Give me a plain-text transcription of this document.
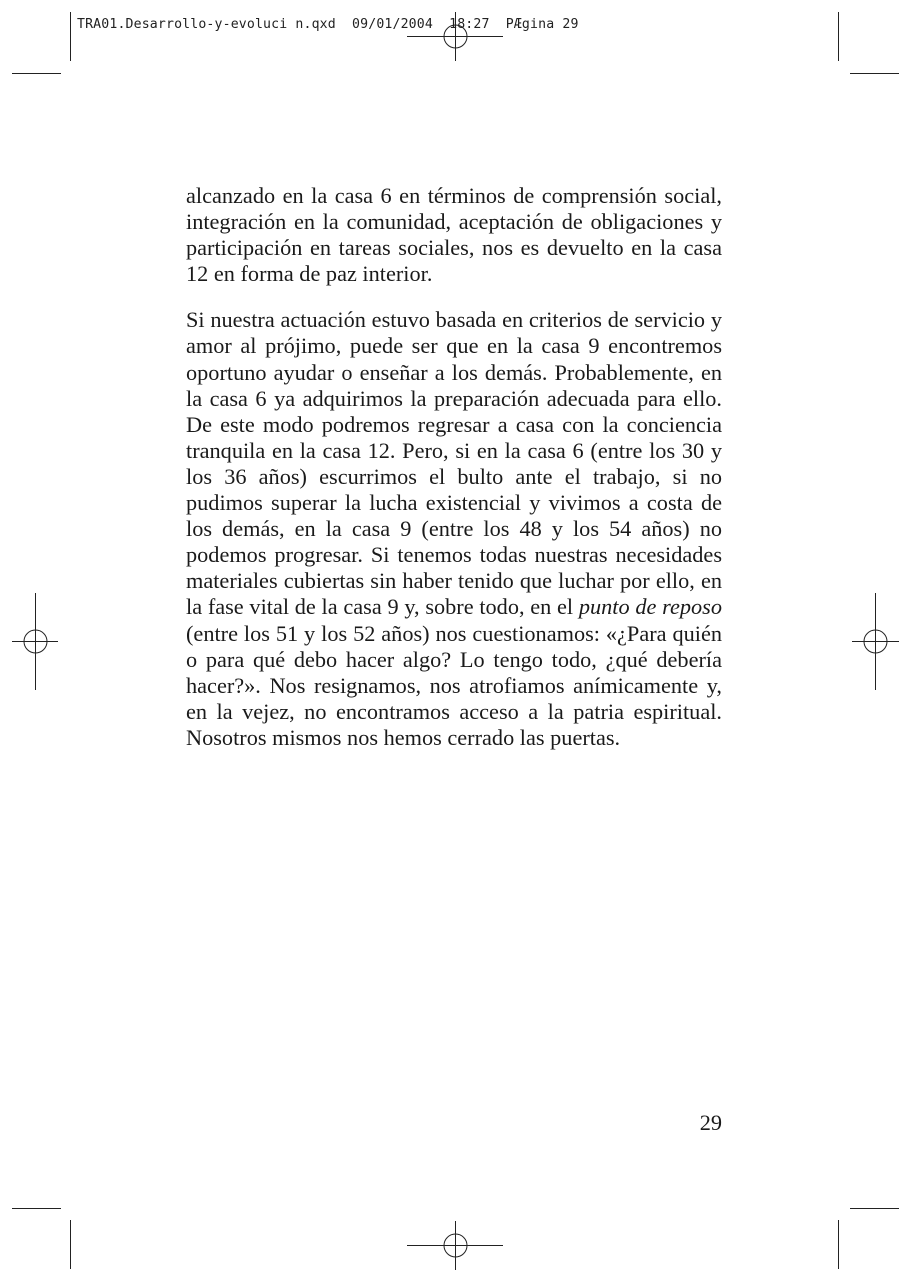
TRA01.Desarrollo-y-evoluci n.qxd  09/01/2004  18:27  PÆgina 29

alcanzado en la casa 6 en términos de comprensión social, integración en la comunidad, aceptación de obligaciones y participación en tareas sociales, nos es devuelto en la casa 12 en forma de paz interior.

Si nuestra actuación estuvo basada en criterios de servicio y amor al prójimo, puede ser que en la casa 9 encontremos oportuno ayudar o enseñar a los demás. Probablemente, en la casa 6 ya adquirimos la preparación adecuada para ello. De este modo podremos regresar a casa con la conciencia tranquila en la casa 12. Pero, si en la casa 6 (entre los 30 y los 36 años) escurrimos el bulto ante el trabajo, si no pudimos superar la lucha existencial y vivimos a costa de los demás, en la casa 9 (entre los 48 y los 54 años) no podemos progresar. Si tenemos todas nuestras necesidades materiales cubiertas sin haber tenido que luchar por ello, en la fase vital de la casa 9 y, sobre todo, en el punto de reposo (entre los 51 y los 52 años) nos cuestionamos: «¿Para quién o para qué debo hacer algo? Lo tengo todo, ¿qué debería hacer?». Nos resignamos, nos atrofiamos anímicamente y, en la vejez, no encontramos acceso a la patria espiritual. Nosotros mismos nos hemos cerrado las puertas.

29
